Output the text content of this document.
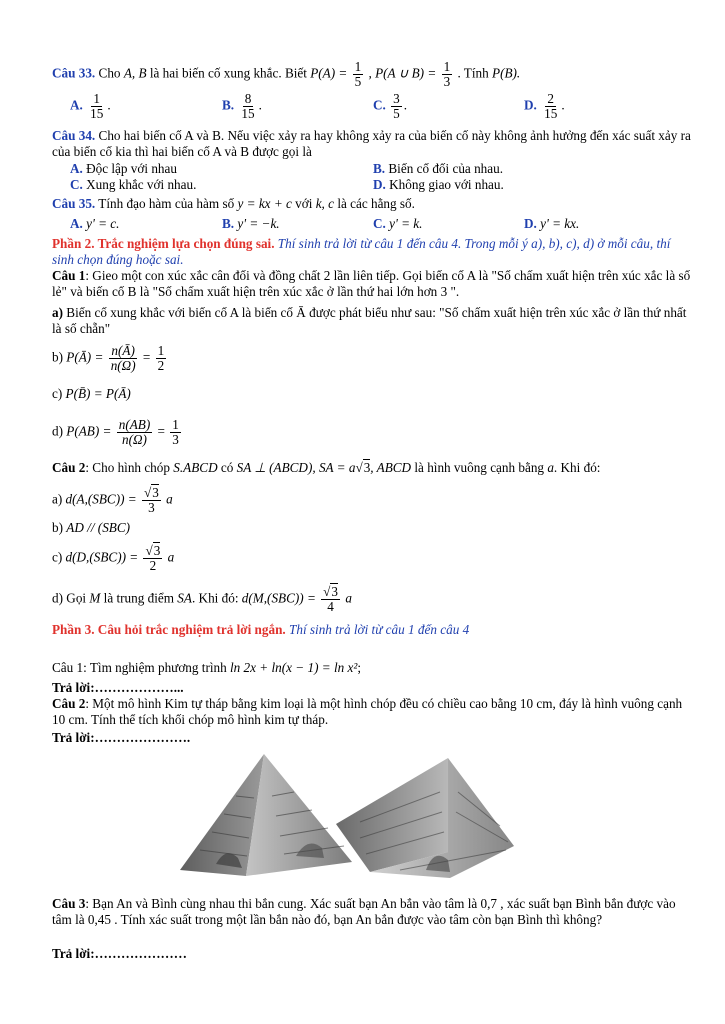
Câu 33. Cho A, B là hai biến cố xung khắc. Biết $P(A) = \frac{1}{5}$ , P(A ∪ $B) = \frac{1}{3}$ . Tính P(B).
A. $\frac{1}{15}$ .	B. $\frac{8}{15}$ .	C. $\frac{3}{5}$ .	D. $\frac{2}{15}$ .
Câu 34. Cho hai biến cố A và B. Nếu việc xảy ra hay không xảy ra của biến cố này không ảnh hưởng đến xác suất xảy ra của biến cố kia thì hai biến cố A và B được gọi là
A. Độc lập với nhau	B. Biến cố đối của nhau.
C. Xung khắc với nhau.	D. Không giao với nhau.
Câu 35. Tính đạo hàm của hàm số y = kx + c với k, c là các hằng số.
A. y' = c.	B. y' = −k.	C. y' = k.	D. y' = kx.
Phần 2. Trắc nghiệm lựa chọn đúng sai. Thí sinh trả lời từ câu 1 đến câu 4. Trong mỗi ý a), b), c), d) ở mỗi câu, thí sinh chọn đúng hoặc sai.
Câu 1: Gieo một con xúc xắc cân đối và đồng chất 2 lần liên tiếp. Gọi biến cố A là "Số chấm xuất hiện trên xúc xắc là số lẻ" và biến cố B là "Số chấm xuất hiện trên xúc xắc ở lần thứ hai lớn hơn 3 ".
a) Biến cố xung khắc với biến cố A là biến cố Ā được phát biểu như sau: "Số chấm xuất hiện trên xúc xắc ở lần thứ nhất là số chẵn"
b) P(Ā) = $\frac{n(Ā)}{n(\Omega)} = \frac{1}{2}$
c) P(B̄) = P(Ā)
d) $P(AB) = \frac{n(AB)}{n(\Omega)} = \frac{1}{3}$
Câu 2: Cho hình chóp S.ABCD có SA ⊥ (ABCD), SA = a√3, ABCD là hình vuông cạnh bằng a. Khi đó:
a) $d(A,(SBC)) = \frac{√3}{3}$ a
b) AD // (SBC)
c) $d(D,(SBC)) = \frac{√3}{2}$ a
d) Gọi M là trung điểm SA. Khi đó: $d(M,(SBC)) = \frac{√3}{4}$ a
Phần 3. Câu hỏi trắc nghiệm trả lời ngắn. Thí sinh trả lời từ câu 1 đến câu 4
Câu 1: Tìm nghiệm phương trình ln 2x + ln(x − 1) = ln x²;
Trả lời:………………...
Câu 2: Một mô hình Kim tự tháp bằng kim loại là một hình chóp đều có chiều cao bằng 10 cm, đáy là hình vuông cạnh 10 cm. Tính thể tích khối chóp mô hình kim tự tháp.
Trả lời:………………….
Câu 3: Bạn An và Bình cùng nhau thi bắn cung. Xác suất bạn An bắn vào tâm là 0,7 , xác suất bạn Bình bắn được vào tâm là 0,45 . Tính xác suất trong một lần bắn nào đó, bạn An bắn được vào tâm còn bạn Bình thì không?
Trả lời:…………………
